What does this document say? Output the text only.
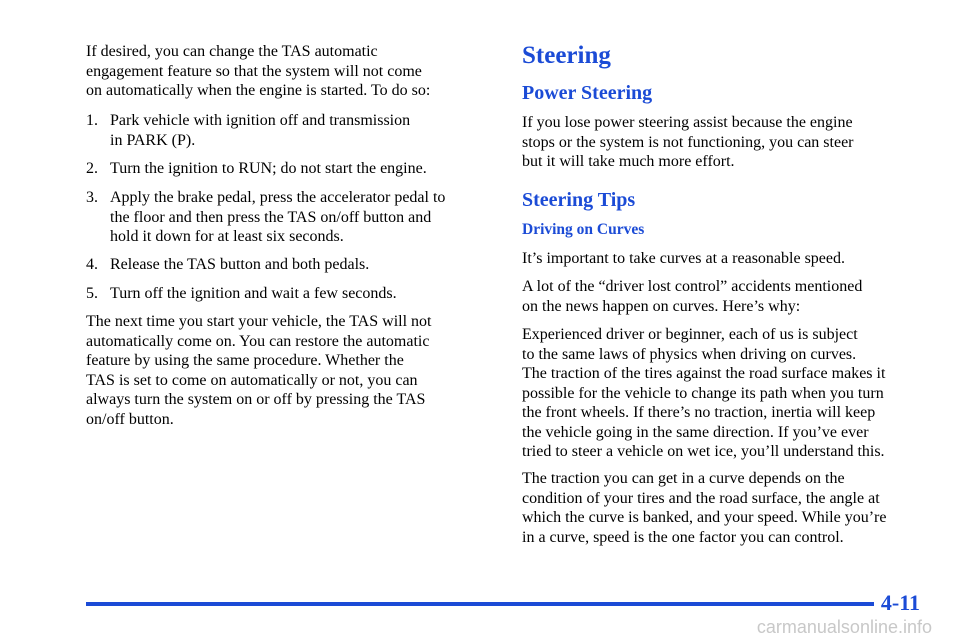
If desired, you can change the TAS automatic
engagement feature so that the system will not come
on automatically when the engine is started. To do so:

1. Park vehicle with ignition off and transmission
in PARK (P).
2. Turn the ignition to RUN; do not start the engine.
3. Apply the brake pedal, press the accelerator pedal to
the floor and then press the TAS on/off button and
hold it down for at least six seconds.
4. Release the TAS button and both pedals.
5. Turn off the ignition and wait a few seconds.

The next time you start your vehicle, the TAS will not
automatically come on. You can restore the automatic
feature by using the same procedure. Whether the
TAS is set to come on automatically or not, you can
always turn the system on or off by pressing the TAS
on/off button.

Steering
Power Steering

If you lose power steering assist because the engine
stops or the system is not functioning, you can steer
but it will take much more effort.

Steering Tips
Driving on Curves

It’s important to take curves at a reasonable speed.

A lot of the “driver lost control” accidents mentioned
on the news happen on curves. Here’s why:

Experienced driver or beginner, each of us is subject
to the same laws of physics when driving on curves.
The traction of the tires against the road surface makes it
possible for the vehicle to change its path when you turn
the front wheels. If there’s no traction, inertia will keep
the vehicle going in the same direction. If you’ve ever
tried to steer a vehicle on wet ice, you’ll understand this.

The traction you can get in a curve depends on the
condition of your tires and the road surface, the angle at
which the curve is banked, and your speed. While you’re
in a curve, speed is the one factor you can control.

4-11
carmanualsonline.info
